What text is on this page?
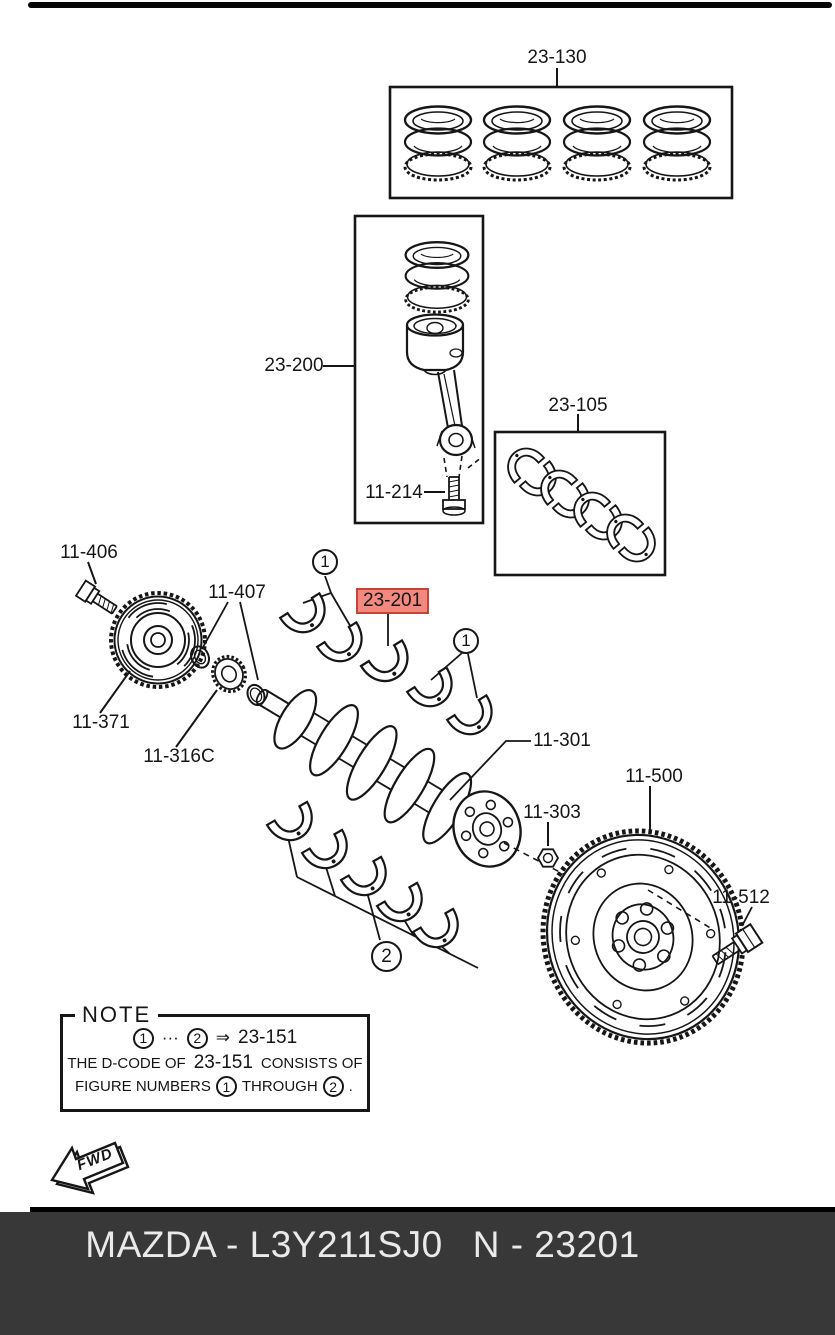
23-130
23-200
11-214
23-105
11-406
11-407
11-371
11-316C
23-201
11-301
11-303
11-500
11-512
1
1
2
NOTE
1 ···	2 ⇒ 23-151
THE D-CODE OF 23-151 CONSISTS OF
FIGURE NUMBERS 1 THROUGH 2 .
FWD
MAZDA - L3Y211SJ0 N - 23201
